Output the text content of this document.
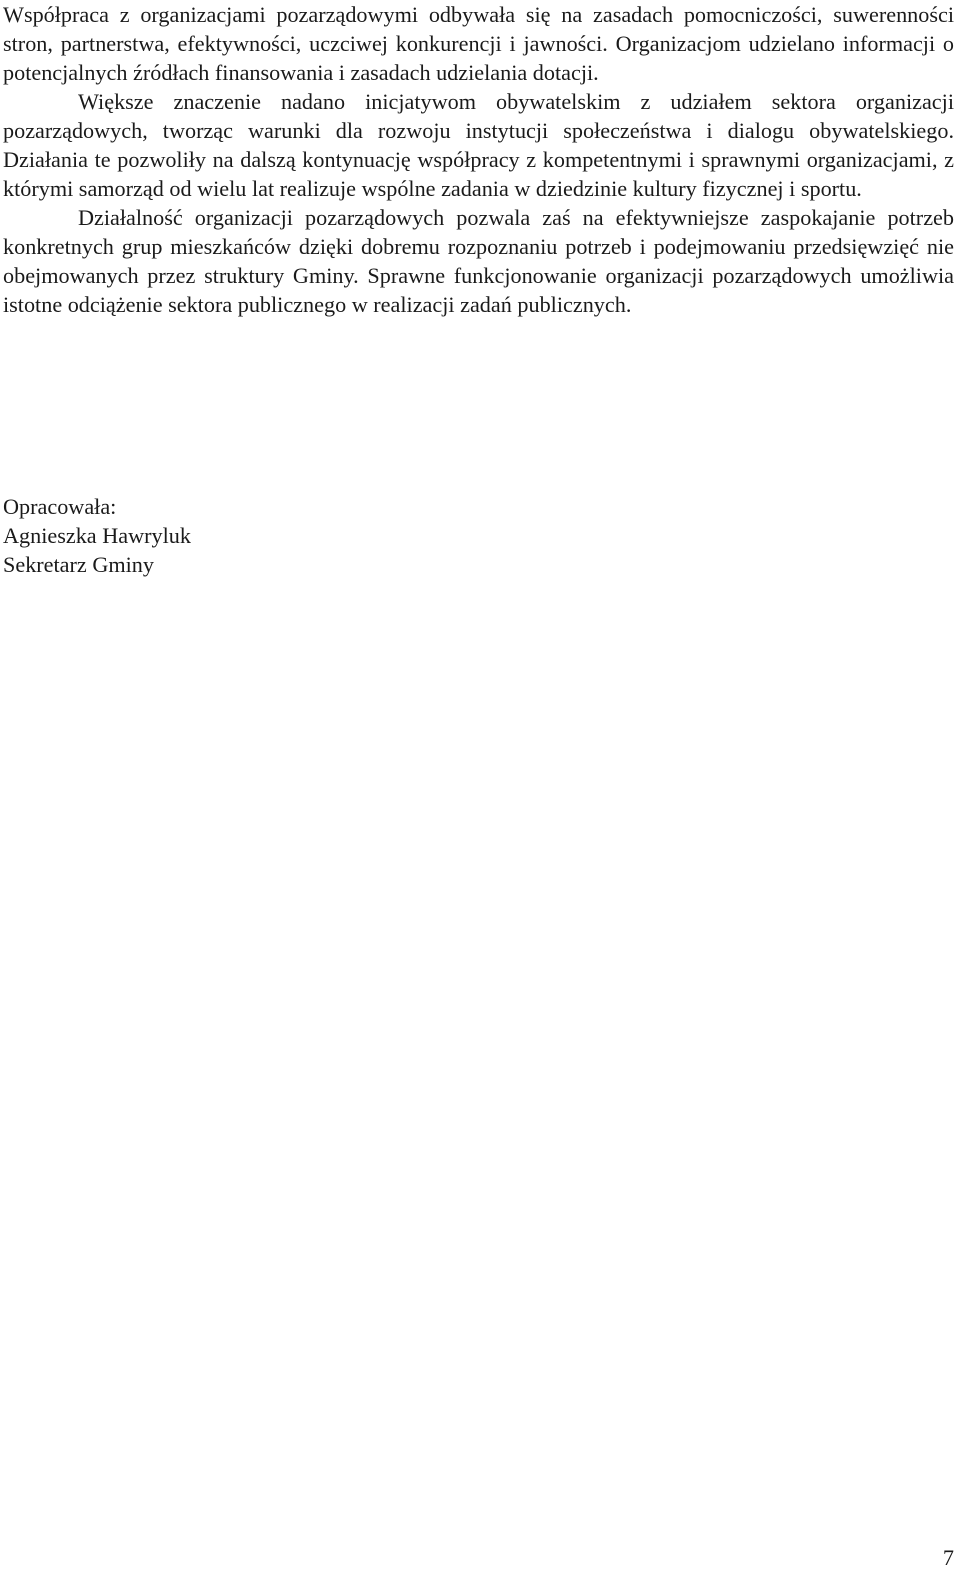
Współpraca z organizacjami pozarządowymi odbywała się na zasadach pomocniczości, suwerenności stron, partnerstwa, efektywności, uczciwej konkurencji i jawności. Organizacjom udzielano informacji o potencjalnych źródłach finansowania i zasadach udzielania dotacji.

Większe znaczenie nadano inicjatywom obywatelskim z udziałem sektora organizacji pozarządowych, tworząc warunki dla rozwoju instytucji społeczeństwa i dialogu obywatelskiego. Działania te pozwoliły na dalszą kontynuację współpracy z kompetentnymi i sprawnymi organizacjami, z którymi samorząd od wielu lat realizuje wspólne zadania w dziedzinie kultury fizycznej i sportu.

Działalność organizacji pozarządowych pozwala zaś na efektywniejsze zaspokajanie potrzeb konkretnych grup mieszkańców dzięki dobremu rozpoznaniu potrzeb i podejmowaniu przedsięwzięć nie obejmowanych przez struktury Gminy. Sprawne funkcjonowanie organizacji pozarządowych umożliwia istotne odciążenie sektora publicznego w realizacji zadań publicznych.

Opracowała:
Agnieszka Hawryluk
Sekretarz Gminy
7
